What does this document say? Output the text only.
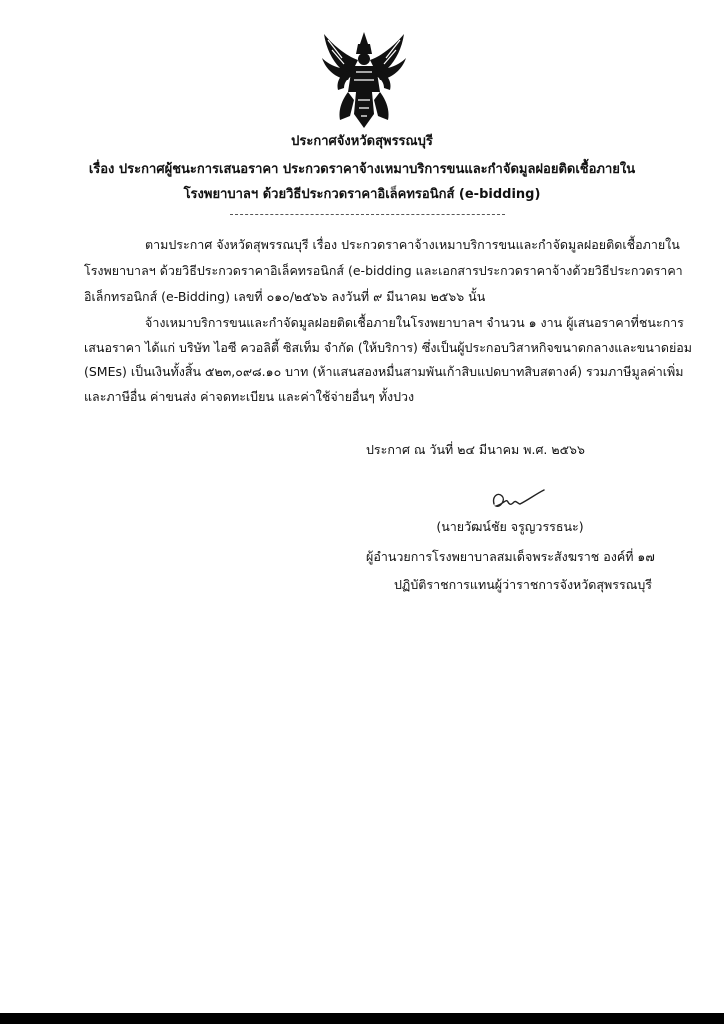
ประกาศจังหวัดสุพรรณบุรี
เรื่อง ประกาศผู้ชนะการเสนอราคา ประกวดราคาจ้างเหมาบริการขนและกำจัดมูลฝอยติดเชื้อภายใน
โรงพยาบาลฯ ด้วยวิธีประกวดราคาอิเล็คทรอนิกส์ (e-bidding)
ตามประกาศ จังหวัดสุพรรณบุรี เรื่อง ประกวดราคาจ้างเหมาบริการขนและกำจัดมูลฝอยติดเชื้อภายใน
โรงพยาบาลฯ ด้วยวิธีประกวดราคาอิเล็คทรอนิกส์ (e-bidding และเอกสารประกวดราคาจ้างด้วยวิธีประกวดราคา
อิเล็กทรอนิกส์ (e-Bidding) เลขที่ ๐๑๐/๒๕๖๖ ลงวันที่ ๙ มีนาคม ๒๕๖๖ นั้น
จ้างเหมาบริการขนและกำจัดมูลฝอยติดเชื้อภายในโรงพยาบาลฯ จำนวน ๑ งาน ผู้เสนอราคาที่ชนะการ
เสนอราคา ได้แก่ บริษัท ไอซี ควอลิตี้ ซิสเท็ม จำกัด (ให้บริการ) ซึ่งเป็นผู้ประกอบวิสาหกิจขนาดกลางและขนาดย่อม
(SMEs) เป็นเงินทั้งสิ้น ๕๒๓,๐๙๘.๑๐ บาท (ห้าแสนสองหมื่นสามพันเก้าสิบแปดบาทสิบสตางค์) รวมภาษีมูลค่าเพิ่ม
และภาษีอื่น ค่าขนส่ง ค่าจดทะเบียน และค่าใช้จ่ายอื่นๆ ทั้งปวง
ประกาศ ณ วันที่ ๒๔ มีนาคม พ.ศ. ๒๕๖๖
(นายวัฒน์ชัย จรูญวรรธนะ)
ผู้อำนวยการโรงพยาบาลสมเด็จพระสังฆราช องค์ที่ ๑๗
ปฏิบัติราชการแทนผู้ว่าราชการจังหวัดสุพรรณบุรี
